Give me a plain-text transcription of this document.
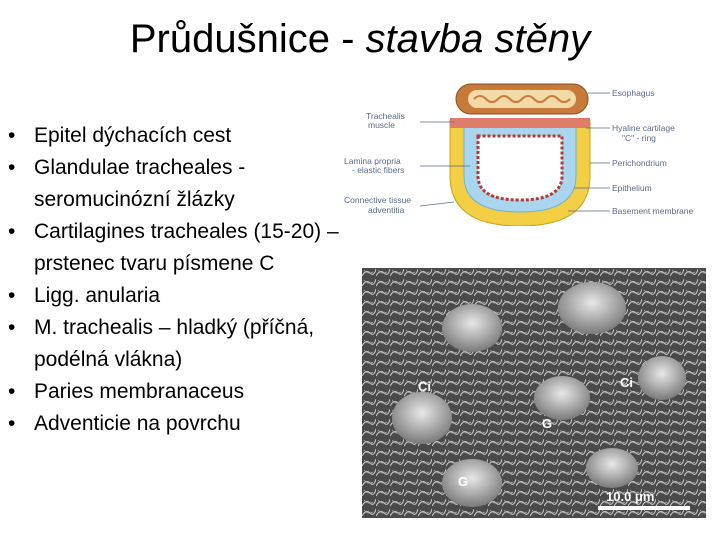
Průdušnice - stavba stěny
• Epitel dýchacích cest
• Glandulae tracheales - seromucinózní žlázky
• Cartilagines tracheales (15-20) – prstenec tvaru písmene C
• Ligg. anularia
• M. trachealis – hladký (příčná, podélná vlákna)
• Paries membranaceus
• Adventicie na povrchu
Trachealis
muscle
Lamina propria
- elastic fibers
Connective tissue
adventitia
Esophagus
Hyaline cartilage
"C" - ring
Perichondrium
Epithelium
Basement membrane
Ci	Ci
G
G
10.0 μm
